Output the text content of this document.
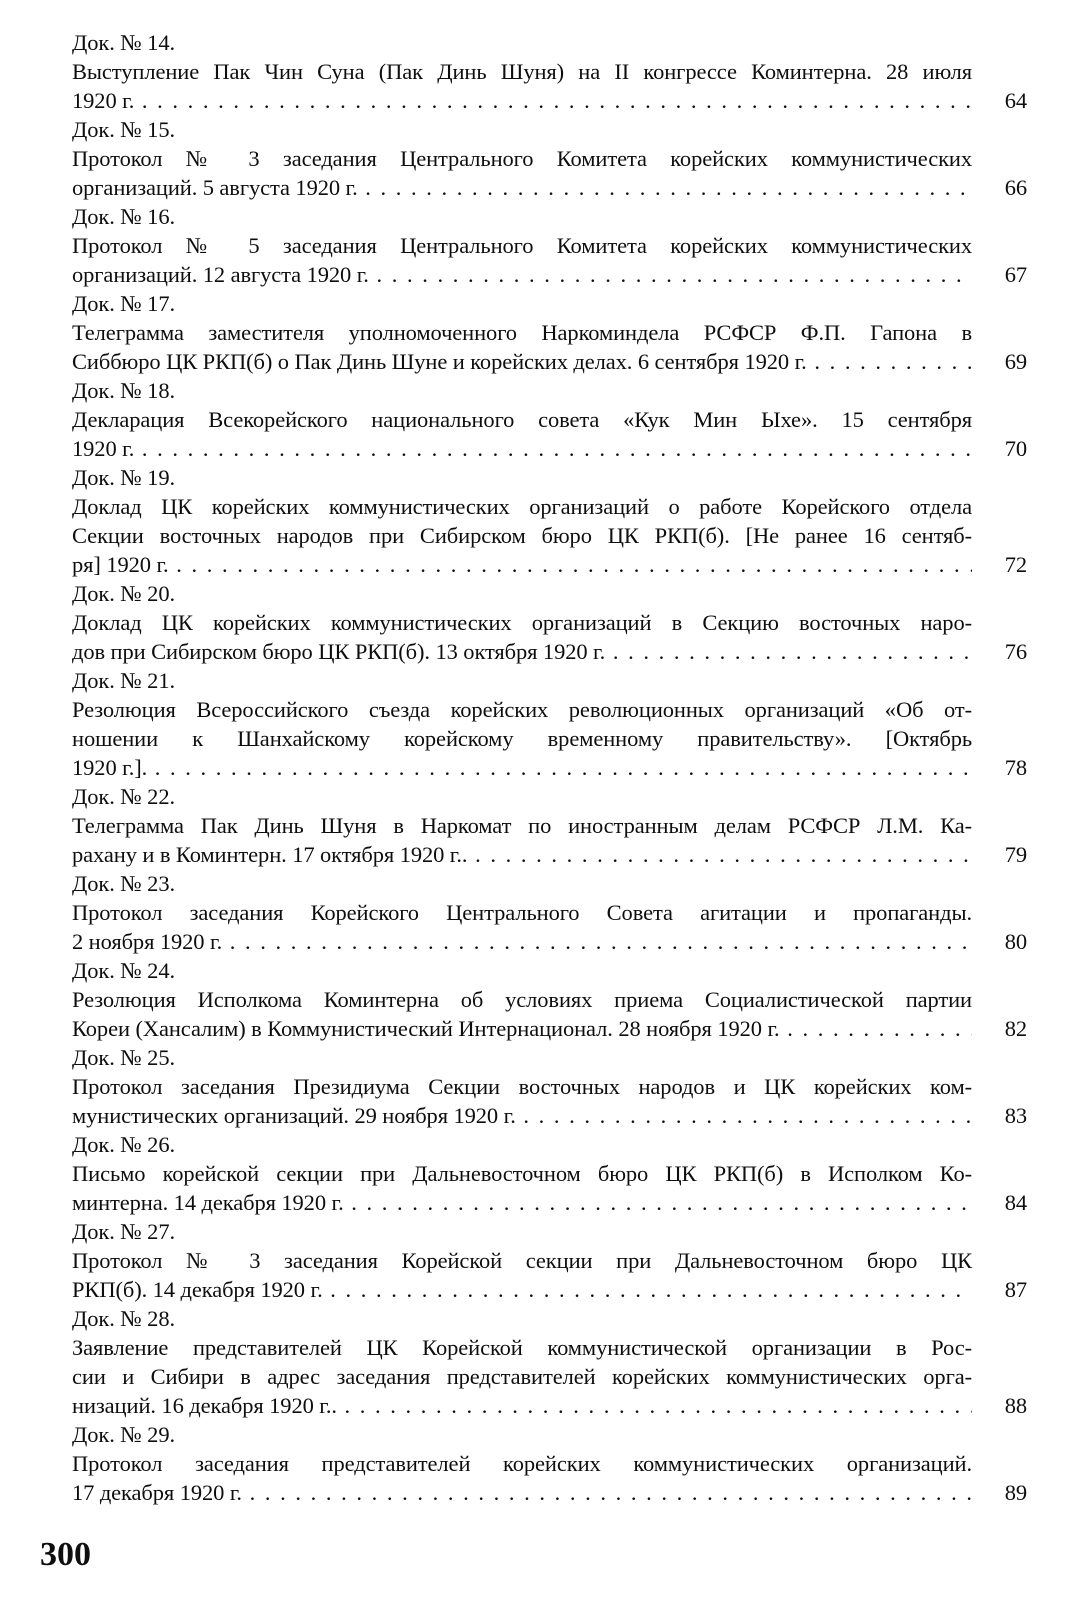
Док. № 14.
Выступление Пак Чин Суна (Пак Динь Шуня) на II конгрессе Коминтерна. 28 июля
1920 г. . . .	64
Док. № 15.
Протокол № 3 заседания Центрального Комитета корейских коммунистических
организаций. 5 августа 1920 г. . . .	66
Док. № 16.
Протокол № 5 заседания Центрального Комитета корейских коммунистических
организаций. 12 августа 1920 г. . . .	67
Док. № 17.
Телеграмма заместителя уполномоченного Наркоминдела РСФСР Ф.П. Гапона в
Сиббюро ЦК РКП(б) о Пак Динь Шуне и корейских делах. 6 сентября 1920 г. . . .	69
Док. № 18.
Декларация Всекорейского национального совета «Кук Мин Ыхе». 15 сентября
1920 г. . . .	70
Док. № 19.
Доклад ЦК корейских коммунистических организаций о работе Корейского отдела
Секции восточных народов при Сибирском бюро ЦК РКП(б). [Не ранее 16 сентяб-
ря] 1920 г. . . .	72
Док. № 20.
Доклад ЦК корейских коммунистических организаций в Секцию восточных наро-
дов при Сибирском бюро ЦК РКП(б). 13 октября 1920 г. . . .	76
Док. № 21.
Резолюция Всероссийского съезда корейских революционных организаций «Об от-
ношении к Шанхайскому корейскому временному правительству». [Октябрь
1920 г.]. . . .	78
Док. № 22.
Телеграмма Пак Динь Шуня в Наркомат по иностранным делам РСФСР Л.М. Ка-
рахану и в Коминтерн. 17 октября 1920 г.. . . .	79
Док. № 23.
Протокол заседания Корейского Центрального Совета агитации и пропаганды.
2 ноября 1920 г. . . .	80
Док. № 24.
Резолюция Исполкома Коминтерна об условиях приема Социалистической партии
Кореи (Хансалим) в Коммунистический Интернационал. 28 ноября 1920 г. . . .	82
Док. № 25.
Протокол заседания Президиума Секции восточных народов и ЦК корейских ком-
мунистических организаций. 29 ноября 1920 г. . . .	83
Док. № 26.
Письмо корейской секции при Дальневосточном бюро ЦК РКП(б) в Исполком Ко-
минтерна. 14 декабря 1920 г. . . .	84
Док. № 27.
Протокол № 3 заседания Корейской секции при Дальневосточном бюро ЦК
РКП(б). 14 декабря 1920 г. . . .	87
Док. № 28.
Заявление представителей ЦК Корейской коммунистической организации в Рос-
сии и Сибири в адрес заседания представителей корейских коммунистических орга-
низаций. 16 декабря 1920 г.. . . .	88
Док. № 29.
Протокол заседания представителей корейских коммунистических организаций.
17 декабря 1920 г. . . .	89
300
